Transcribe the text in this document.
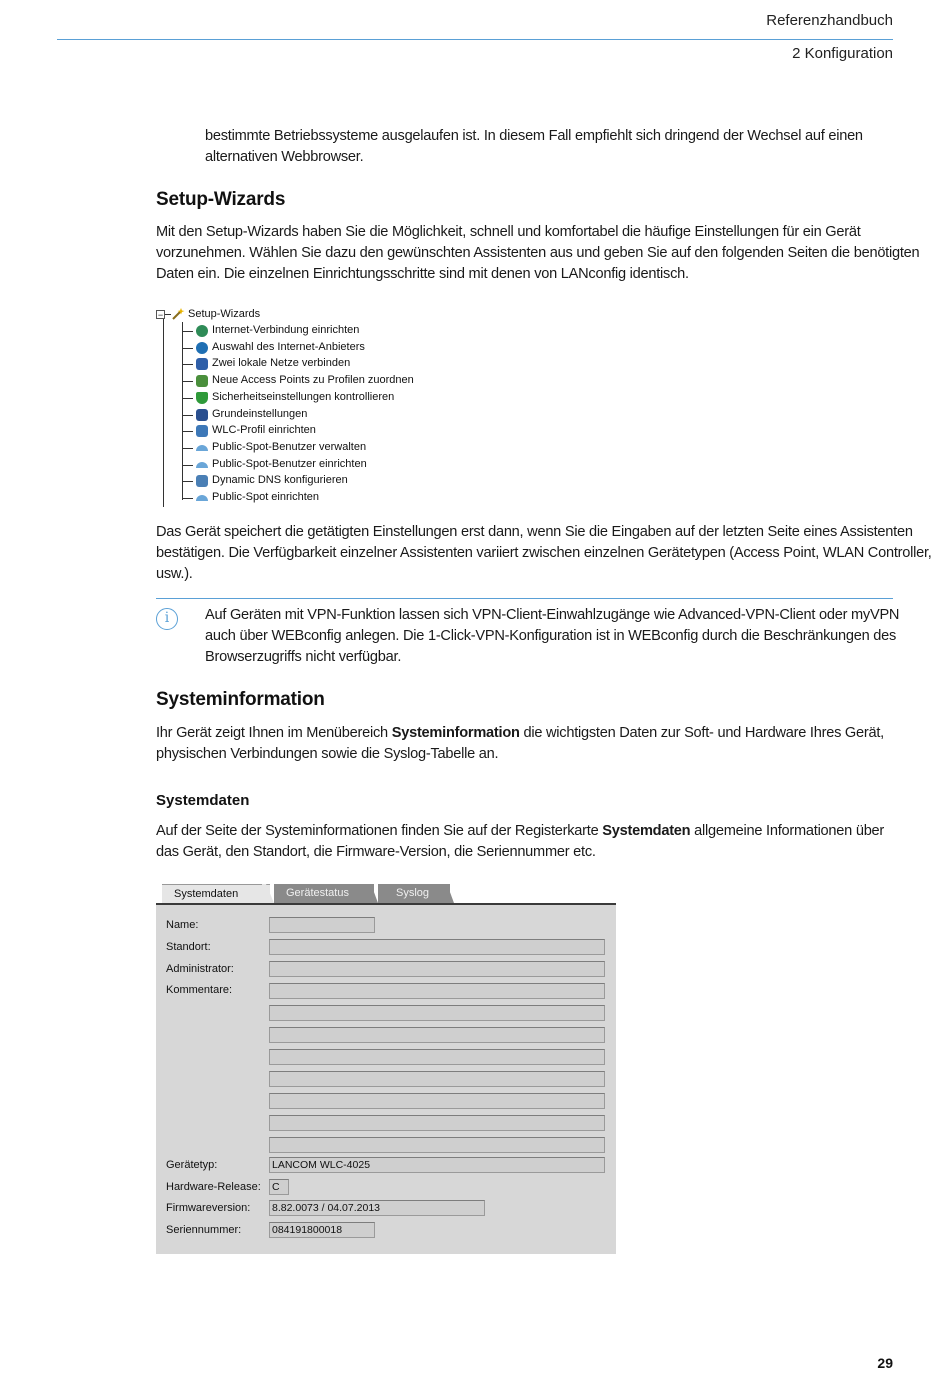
Referenzhandbuch
2 Konfiguration
bestimmte Betriebssysteme ausgelaufen ist. In diesem Fall empfiehlt sich dringend der Wechsel auf einen
alternativen Webbrowser.
Setup-Wizards
Mit den Setup-Wizards haben Sie die Möglichkeit, schnell und komfortabel die häufige Einstellungen für ein Gerät
vorzunehmen. Wählen Sie dazu den gewünschten Assistenten aus und geben Sie auf den folgenden Seiten die benötigten
Daten ein. Die einzelnen Einrichtungsschritte sind mit denen von LANconfig identisch.
− Setup-Wizards
Internet-Verbindung einrichten
Auswahl des Internet-Anbieters
Zwei lokale Netze verbinden
Neue Access Points zu Profilen zuordnen
Sicherheitseinstellungen kontrollieren
Grundeinstellungen
WLC-Profil einrichten
Public-Spot-Benutzer verwalten
Public-Spot-Benutzer einrichten
Dynamic DNS konfigurieren
Public-Spot einrichten
Das Gerät speichert die getätigten Einstellungen erst dann, wenn Sie die Eingaben auf der letzten Seite eines Assistenten
bestätigen. Die Verfügbarkeit einzelner Assistenten variiert zwischen einzelnen Gerätetypen (Access Point, WLAN Controller,
usw.).
i	Auf Geräten mit VPN-Funktion lassen sich VPN-Client-Einwahlzugänge wie Advanced-VPN-Client oder myVPN
auch über WEBconfig anlegen. Die 1-Click-VPN-Konfiguration ist in WEBconfig durch die Beschränkungen des
Browserzugriffs nicht verfügbar.
Systeminformation
Ihr Gerät zeigt Ihnen im Menübereich Systeminformation die wichtigsten Daten zur Soft- und Hardware Ihres Gerät,
physischen Verbindungen sowie die Syslog-Tabelle an.
Systemdaten
Auf der Seite der Systeminformationen finden Sie auf der Registerkarte Systemdaten allgemeine Informationen über
das Gerät, den Standort, die Firmware-Version, die Seriennummer etc.
Systemdaten	Gerätestatus	Syslog
Name:
Standort:
Administrator:
Kommentare:
Gerätetyp:	LANCOM WLC-4025
Hardware-Release: C
Firmwareversion: 8.82.0073 / 04.07.2013
Seriennummer:	084191800018
29
